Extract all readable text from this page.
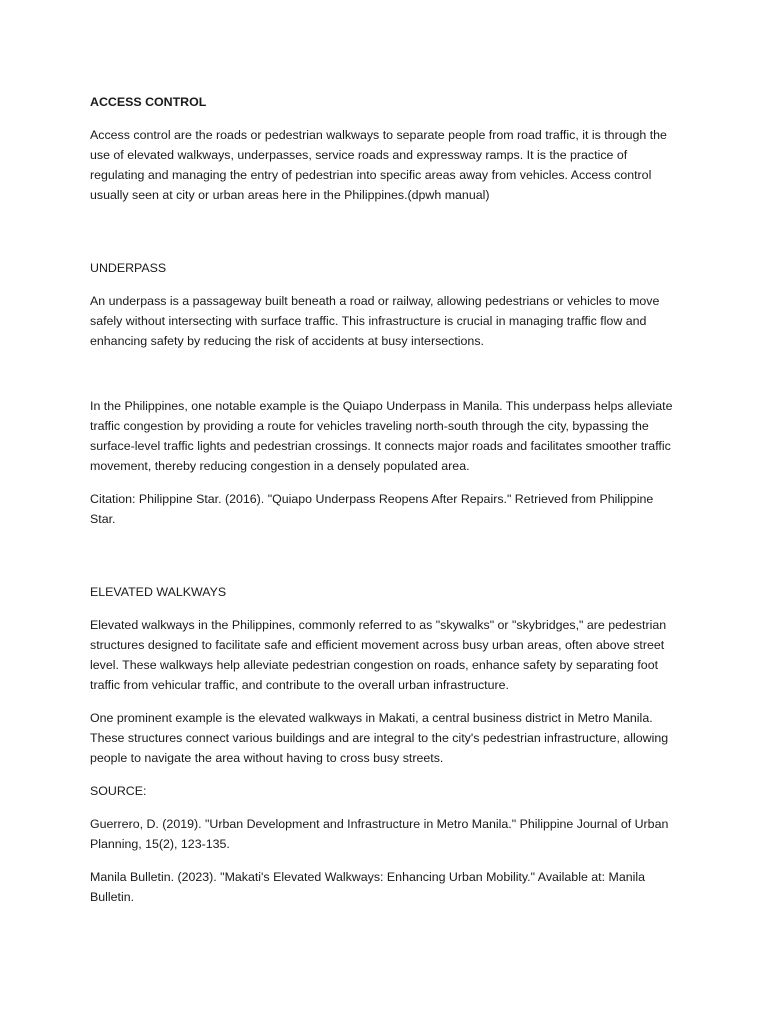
ACCESS CONTROL

Access control are the roads or pedestrian walkways to separate people from road traffic, it is through the use of elevated walkways, underpasses, service roads and expressway ramps. It is the practice of regulating and managing the entry of pedestrian into specific areas away from vehicles. Access control usually seen at city or urban areas here in the Philippines.(dpwh manual)

UNDERPASS

An underpass is a passageway built beneath a road or railway, allowing pedestrians or vehicles to move safely without intersecting with surface traffic. This infrastructure is crucial in managing traffic flow and enhancing safety by reducing the risk of accidents at busy intersections.

In the Philippines, one notable example is the Quiapo Underpass in Manila. This underpass helps alleviate traffic congestion by providing a route for vehicles traveling north-south through the city, bypassing the surface-level traffic lights and pedestrian crossings. It connects major roads and facilitates smoother traffic movement, thereby reducing congestion in a densely populated area.

Citation: Philippine Star. (2016). "Quiapo Underpass Reopens After Repairs." Retrieved from Philippine Star.

ELEVATED WALKWAYS

Elevated walkways in the Philippines, commonly referred to as "skywalks" or "skybridges," are pedestrian structures designed to facilitate safe and efficient movement across busy urban areas, often above street level. These walkways help alleviate pedestrian congestion on roads, enhance safety by separating foot traffic from vehicular traffic, and contribute to the overall urban infrastructure.

One prominent example is the elevated walkways in Makati, a central business district in Metro Manila. These structures connect various buildings and are integral to the city's pedestrian infrastructure, allowing people to navigate the area without having to cross busy streets.

SOURCE:

Guerrero, D. (2019). "Urban Development and Infrastructure in Metro Manila." Philippine Journal of Urban Planning, 15(2), 123-135.

Manila Bulletin. (2023). "Makati's Elevated Walkways: Enhancing Urban Mobility." Available at: Manila Bulletin.
